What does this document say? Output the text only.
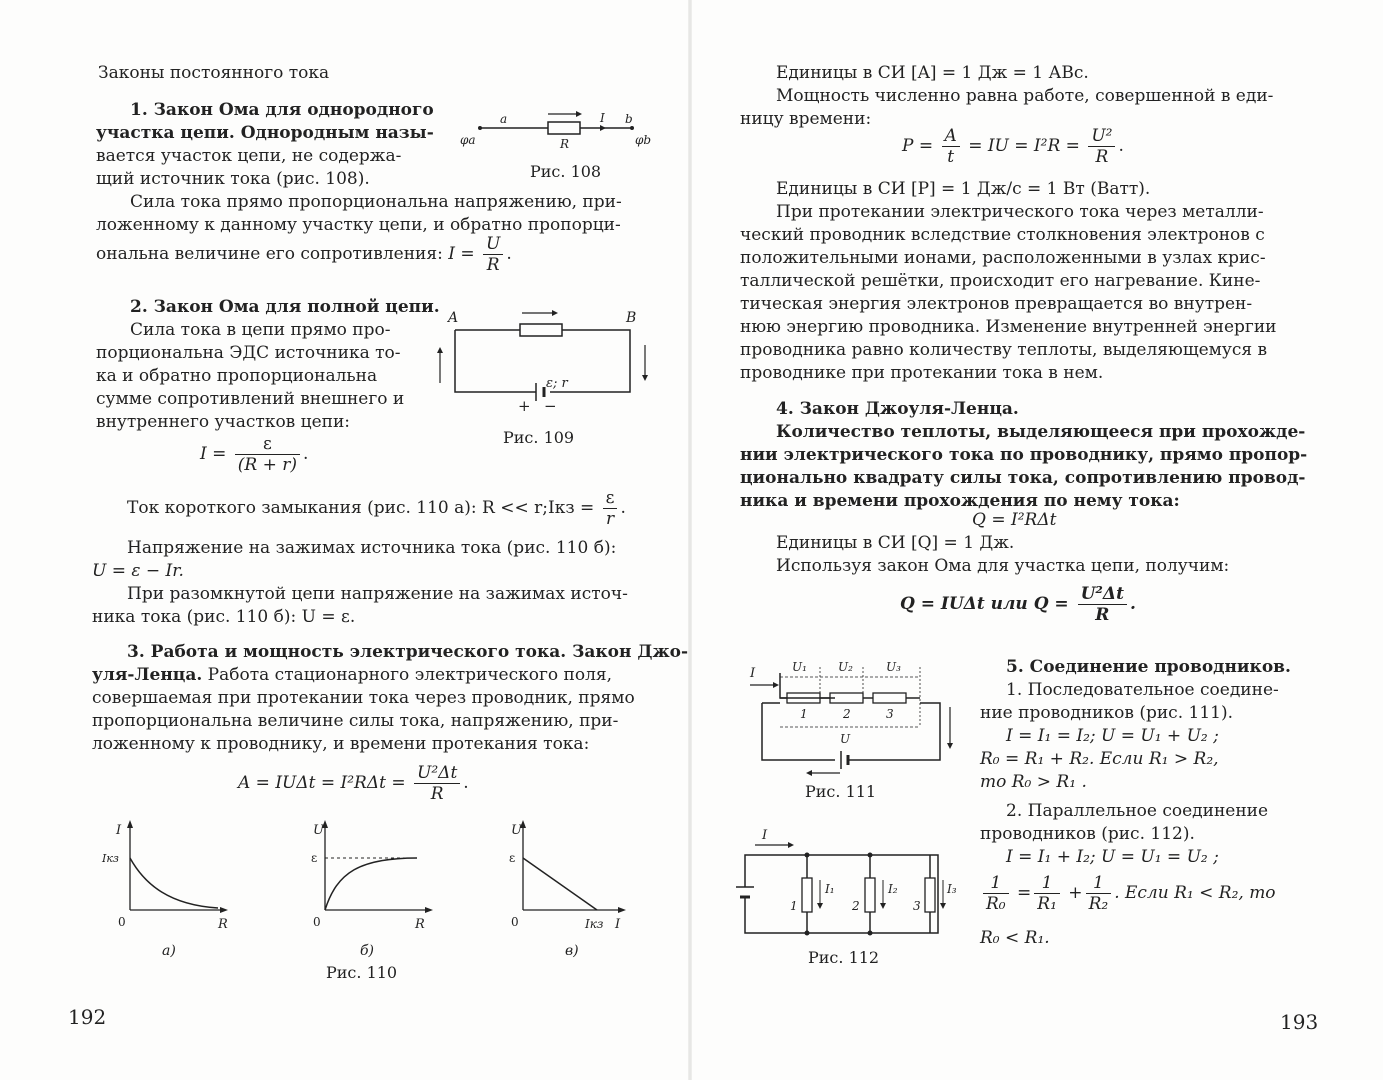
Законы постоянного тока
1. Закон Ома для однородного
участка цепи. Однородным назы-
вается участок цепи, не содержа-
щий источник тока (рис. 108).
Сила тока прямо пропорциональна напряжению, при-
ложенному к данному участку цепи, и обратно пропорци-
ональна величине его сопротивления: $I = \frac{U}{R}$ .
a	b
I
R
φa	φb
Рис. 108
2. Закон Ома для полной цепи.
Сила тока в цепи прямо про-
порциональна ЭДС источника то-
ка и обратно пропорциональна
сумме сопротивлений внешнего и
внутреннего участков цепи:
$I = \frac{\varepsilon}{(R + r)}$ .
A	B
ε; r
+ −
Рис. 109
Ток короткого замыкания (рис. 110 а): R << r;Iкз = $\frac{\varepsilon}{r}$ .
Напряжение на зажимах источника тока (рис. 110 б):
U = ε − Ir.
При разомкнутой цепи напряжение на зажимах источ-
ника тока (рис. 110 б): U = ε.
3. Работа и мощность электрического тока. Закон Джо-
уля-Ленца. Работа стационарного электрического поля,
совершаемая при протекании тока через проводник, прямо
пропорциональна величине силы тока, напряжению, при-
ложенному к проводнику, и времени протекания тока:
$A = IU\Delta t = I^2R\Delta t = \frac{\text{U²Δt}}{R}$ .
I
Iкз
0	R
а)
U
ε
0	R
б)
U
ε
0	Iкз I
в)
Рис. 110
192
Единицы в СИ [A] = 1 Дж = 1 АВс.
Мощность численно равна работе, совершенной в еди-
ницу времени:
$P = \frac{A}{t}$ = IU = $I^2R = \frac{\text{U²}}{R}$ .
Единицы в СИ [P] = 1 Дж/с = 1 Вт (Ватт).
При протекании электрического тока через металли-
ческий проводник вследствие столкновения электронов с
положительными ионами, расположенными в узлах крис-
таллической решётки, происходит его нагревание. Кине-
тическая энергия электронов превращается во внутрен-
нюю энергию проводника. Изменение внутренней энергии
проводника равно количеству теплоты, выделяющемуся в
проводнике при протекании тока в нем.
4. Закон Джоуля-Ленца.
Количество теплоты, выделяющееся при прохожде-
нии электрического тока по проводнику, прямо пропор-
ционально квадрату силы тока, сопротивлению провод-
ника и времени прохождения по нему тока:
Q = I²RΔt
Единицы в СИ [Q] = 1 Дж.
Используя закон Ома для участка цепи, получим:
Q = IUΔt или $Q = \frac{\text{U²Δt}}{R}$ .
5. Соединение проводников.
1. Последовательное соедине-
ние проводников (рис. 111).
I = I₁ = I₂; U = U₁ + U₂ ;
R₀ = R₁ + R₂. Если R₁ > R₂,
то R₀ > R₁ .
2. Параллельное соединение
проводников (рис. 112).
I = I₁ + I₂; U = U₁ = U₂ ;
$\frac{1}{\text{R₀}} = \frac{1}{\text{R₁}} + \frac{1}{\text{R₂}}$ . Если R₁ < R₂, то
R₀ < R₁.
I	U₁	U₂	U₃
1	2	3
U
Рис. 111
I
I₁	I₂	I₃
1	2	3
Рис. 112
193
